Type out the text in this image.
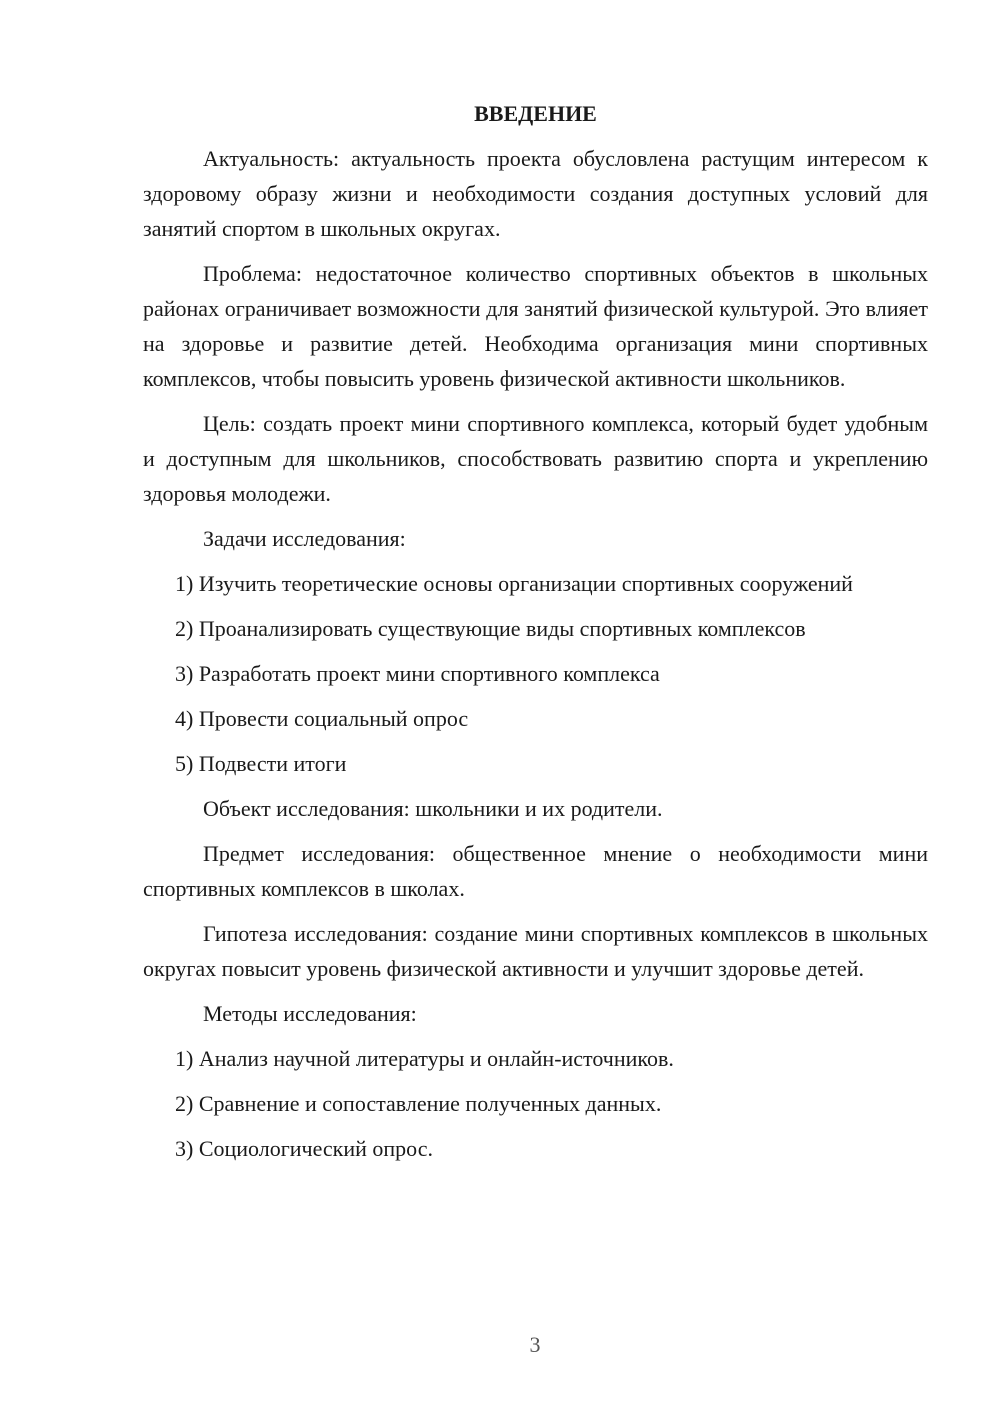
ВВЕДЕНИЕ

Актуальность: актуальность проекта обусловлена растущим интересом к здоровому образу жизни и необходимости создания доступных условий для занятий спортом в школьных округах.

Проблема: недостаточное количество спортивных объектов в школьных районах ограничивает возможности для занятий физической культурой. Это влияет на здоровье и развитие детей. Необходима организация мини спортивных комплексов, чтобы повысить уровень физической активности школьников.

Цель: создать проект мини спортивного комплекса, который будет удобным и доступным для школьников, способствовать развитию спорта и укреплению здоровья молодежи.

Задачи исследования:

1) Изучить теоретические основы организации спортивных сооружений

2) Проанализировать существующие виды спортивных комплексов

3) Разработать проект мини спортивного комплекса

4) Провести социальный опрос

5) Подвести итоги

Объект исследования: школьники и их родители.

Предмет исследования: общественное мнение о необходимости мини спортивных комплексов в школах.

Гипотеза исследования: создание мини спортивных комплексов в школьных округах повысит уровень физической активности и улучшит здоровье детей.

Методы исследования:

1) Анализ научной литературы и онлайн-источников.

2) Сравнение и сопоставление полученных данных.

3) Социологический опрос.

3
